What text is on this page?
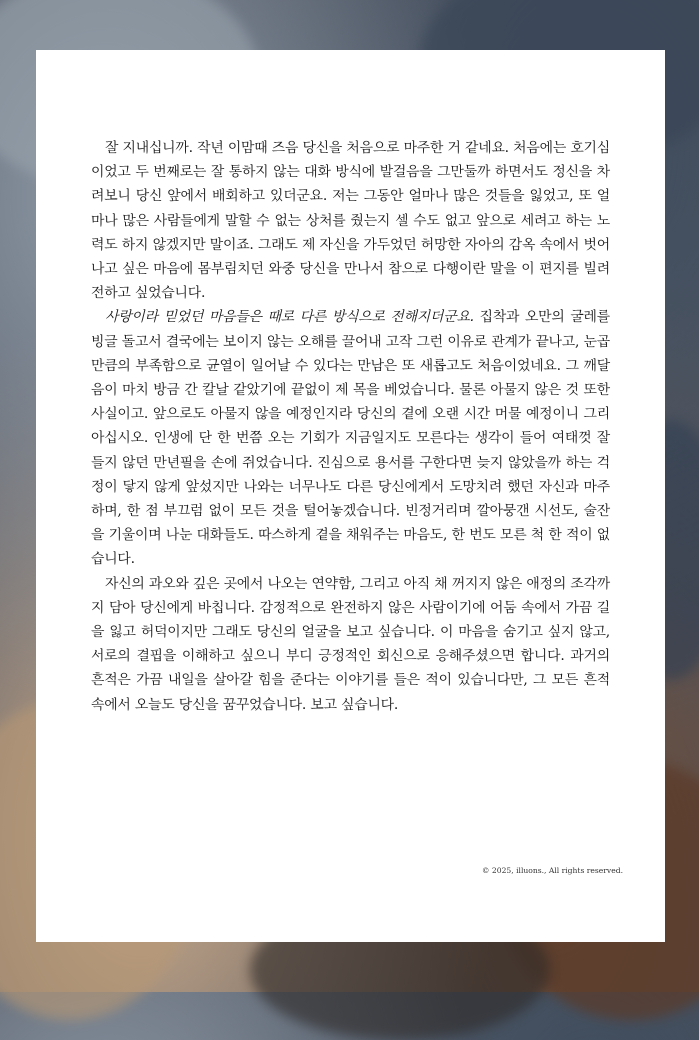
잘 지내십니까. 작년 이맘때 즈음 당신을 처음으로 마주한 거 같네요. 처음에는 호기심이었고 두 번째로는 잘 통하지 않는 대화 방식에 발걸음을 그만둘까 하면서도 정신을 차려보니 당신 앞에서 배회하고 있더군요. 저는 그동안 얼마나 많은 것들을 잃었고, 또 얼마나 많은 사람들에게 말할 수 없는 상처를 줬는지 셀 수도 없고 앞으로 세려고 하는 노력도 하지 않겠지만 말이죠. 그래도 제 자신을 가두었던 허망한 자아의 감옥 속에서 벗어나고 싶은 마음에 몸부림치던 와중 당신을 만나서 참으로 다행이란 말을 이 편지를 빌려 전하고 싶었습니다.

사랑이라 믿었던 마음들은 때로 다른 방식으로 전해지더군요. 집착과 오만의 굴레를 빙글 돌고서 결국에는 보이지 않는 오해를 끌어내 고작 그런 이유로 관계가 끝나고, 눈곱만큼의 부족함으로 균열이 일어날 수 있다는 만남은 또 새롭고도 처음이었네요. 그 깨달음이 마치 방금 간 칼날 같았기에 끝없이 제 목을 베었습니다. 물론 아물지 않은 것 또한 사실이고. 앞으로도 아물지 않을 예정인지라 당신의 곁에 오랜 시간 머물 예정이니 그리 아십시오. 인생에 단 한 번쯤 오는 기회가 지금일지도 모른다는 생각이 들어 여태껏 잘 들지 않던 만년필을 손에 쥐었습니다. 진심으로 용서를 구한다면 늦지 않았을까 하는 걱정이 닿지 않게 앞섰지만 나와는 너무나도 다른 당신에게서 도망치려 했던 자신과 마주하며, 한 점 부끄럼 없이 모든 것을 털어놓겠습니다. 빈정거리며 깔아뭉갠 시선도, 술잔을 기울이며 나눈 대화들도. 따스하게 곁을 채워주는 마음도, 한 번도 모른 척 한 적이 없습니다.

자신의 과오와 깊은 곳에서 나오는 연약함, 그리고 아직 채 꺼지지 않은 애정의 조각까지 담아 당신에게 바칩니다. 감정적으로 완전하지 않은 사람이기에 어둠 속에서 가끔 길을 잃고 허덕이지만 그래도 당신의 얼굴을 보고 싶습니다. 이 마음을 숨기고 싶지 않고, 서로의 결핍을 이해하고 싶으니 부디 긍정적인 회신으로 응해주셨으면 합니다. 과거의 흔적은 가끔 내일을 살아갈 힘을 준다는 이야기를 들은 적이 있습니다만, 그 모든 흔적 속에서 오늘도 당신을 꿈꾸었습니다. 보고 싶습니다.

© 2025, illuons., All rights reserved.
